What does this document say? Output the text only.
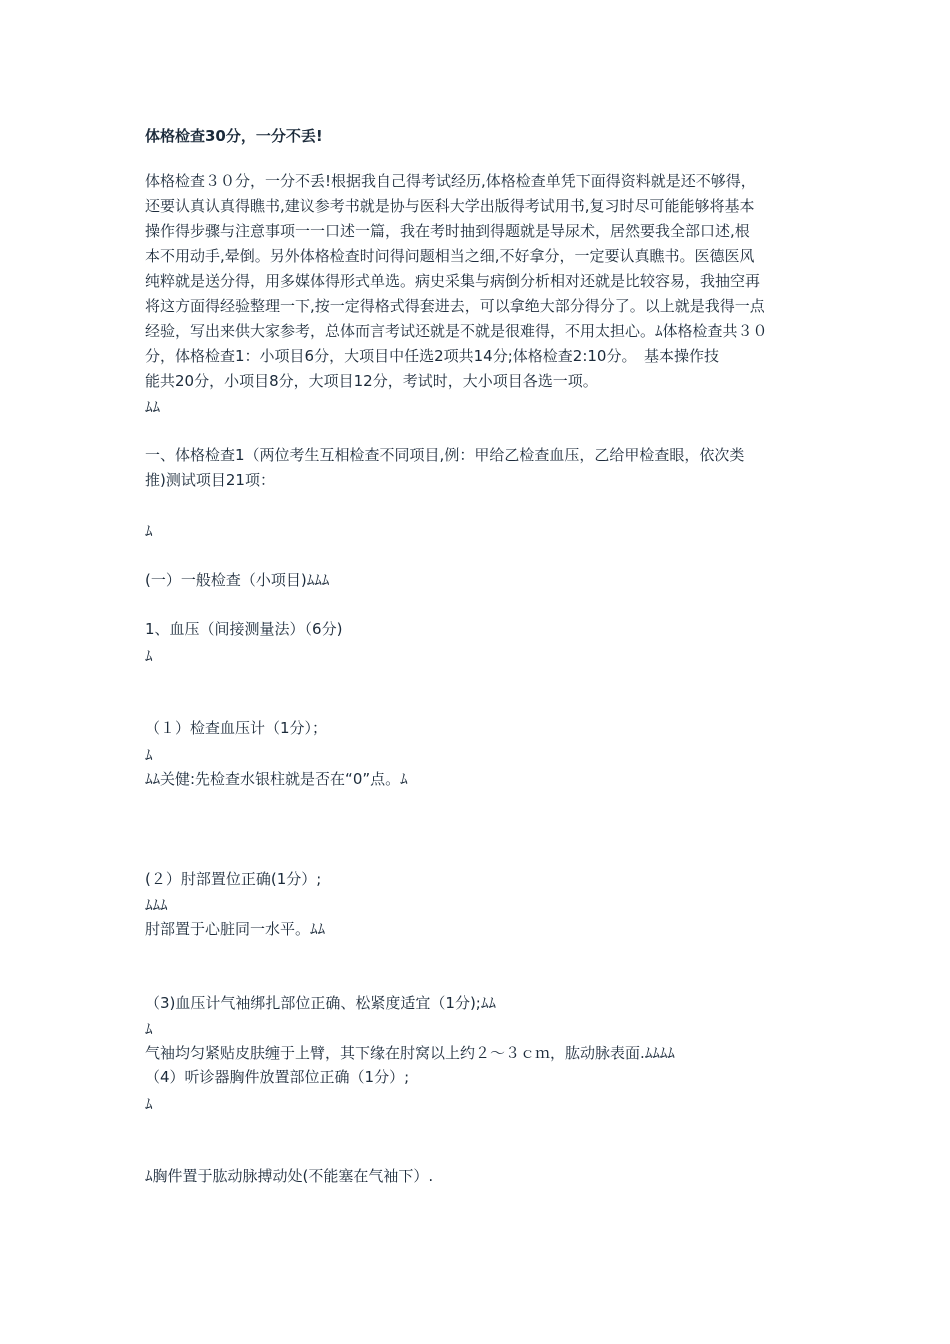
体格检查30分，一分不丢!
体格检查３０分，一分不丢!根据我自己得考试经历,体格检查单凭下面得资料就是还不够得，
还要认真认真得瞧书,建议参考书就是协与医科大学出版得考试用书,复习时尽可能能够将基本
操作得步骤与注意事项一一口述一篇，我在考时抽到得题就是导尿术，居然要我全部口述,根
本不用动手,晕倒。另外体格检查时问得问题相当之细,不好拿分，一定要认真瞧书。医德医风
纯粹就是送分得，用多媒体得形式单选。病史采集与病倒分析相对还就是比较容易，我抽空再
将这方面得经验整理一下,按一定得格式得套进去，可以拿绝大部分得分了。以上就是我得一点
经验，写出来供大家参考，总体而言考试还就是不就是很难得，不用太担心。ﾑ体格检查共３０
分，体格检查1：小项目6分，大项目中任选2项共14分;体格检查2:10分。　基本操作技
能共20分，小项目8分，大项目12分，考试时，大小项目各选一项。
ﾑﾑ
一、体格检查1（两位考生互相检查不同项目,例：甲给乙检查血压，乙给甲检查眼，依次类
推)测试项目21项：
ﾑ
(一）一般检查（小项目)ﾑﾑﾑ
1、血压（间接测量法）（6分)
ﾑ
（１）检查血压计（1分）；
ﾑ
ﾑﾑ关健:先检查水银柱就是否在“0”点。ﾑ
(２）肘部置位正确(1分）;
ﾑﾑﾑ
肘部置于心脏同一水平。ﾑﾑ
（3)血压计气袖绑扎部位正确、松紧度适宜（1分);ﾑﾑ
ﾑ
气袖均匀紧贴皮肤缠于上臂，其下缘在肘窝以上约２～３ｃｍ，肱动脉表面.ﾑﾑﾑﾑ
（4）听诊器胸件放置部位正确（1分）;
ﾑ
ﾑ胸件置于肱动脉搏动处(不能塞在气袖下）.
